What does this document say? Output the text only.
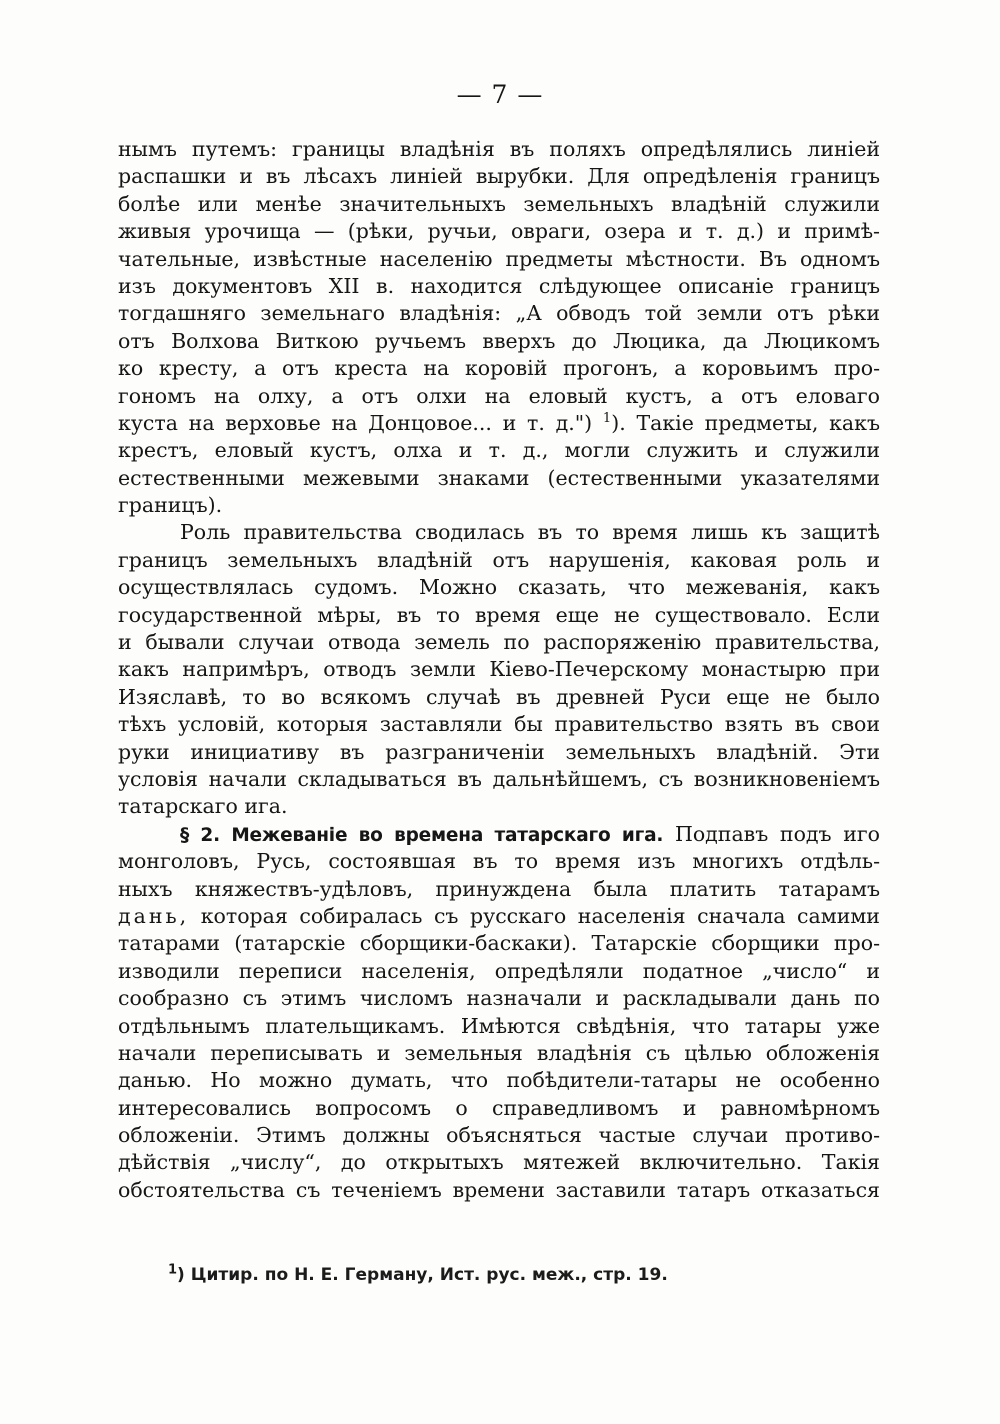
— 7 —
нымъ путемъ: границы владѣнія въ поляхъ опредѣлялись линіей
распашки и въ лѣсахъ линіей вырубки. Для опредѣленія границъ
болѣе или менѣе значительныхъ земельныхъ владѣній служили
живыя урочища — (рѣки, ручьи, овраги, озера и т. д.) и примѣ-
чательные, извѣстные населенію предметы мѣстности. Въ одномъ
изъ документовъ XII в. находится слѣдующее описаніе границъ
тогдашняго земельнаго владѣнія: „А обводъ той земли отъ рѣки
отъ Волхова Виткою ручьемъ вверхъ до Люцика, да Люцикомъ
ко кресту, а отъ креста на коровій прогонъ, а коровьимъ про-
гономъ на олху, а отъ олхи на еловый кустъ, а отъ еловаго
куста на верховье на Донцовое... и т. д.") $^1$). Такіе предметы, какъ
крестъ, еловый кустъ, олха и т. д., могли служить и служили
естественными межевыми знаками (естественными указателями
границъ).
Роль правительства сводилась въ то время лишь къ защитѣ
границъ земельныхъ владѣній отъ нарушенія, каковая роль и
осуществлялась судомъ. Можно сказать, что межеванія, какъ
государственной мѣры, въ то время еще не существовало. Если
и бывали случаи отвода земель по распоряженію правительства,
какъ напримѣръ, отводъ земли Кіево-Печерскому монастырю при
Изяславѣ, то во всякомъ случаѣ въ древней Руси еще не было
тѣхъ условій, которыя заставляли бы правительство взять въ свои
руки инициативу въ разграниченіи земельныхъ владѣній. Эти
условія начали складываться въ дальнѣйшемъ, съ возникновеніемъ
татарскаго ига.
§ 2. Межеваніе во времена татарскаго ига. Подпавъ подъ иго
монголовъ, Русь, состоявшая въ то время изъ многихъ отдѣль-
ныхъ княжествъ-удѣловъ, принуждена была платить татарамъ
дань, которая собиралась съ русскаго населенія сначала самими
татарами (татарскіе сборщики-баскаки). Татарскіе сборщики про-
изводили переписи населенія, опредѣляли податное „число“ и
сообразно съ этимъ числомъ назначали и раскладывали дань по
отдѣльнымъ плательщикамъ. Имѣются свѣдѣнія, что татары уже
начали переписывать и земельныя владѣнія съ цѣлью обложенія
данью. Но можно думать, что побѣдители-татары не особенно
интересовались вопросомъ о справедливомъ и равномѣрномъ
обложеніи. Этимъ должны объясняться частые случаи противо-
дѣйствія „числу“, до открытыхъ мятежей включительно. Такія
обстоятельства съ теченіемъ времени заставили татаръ отказаться
$^1$) Цитир. по Н. Е. Герману, Ист. рус. меж., стр. 19.
